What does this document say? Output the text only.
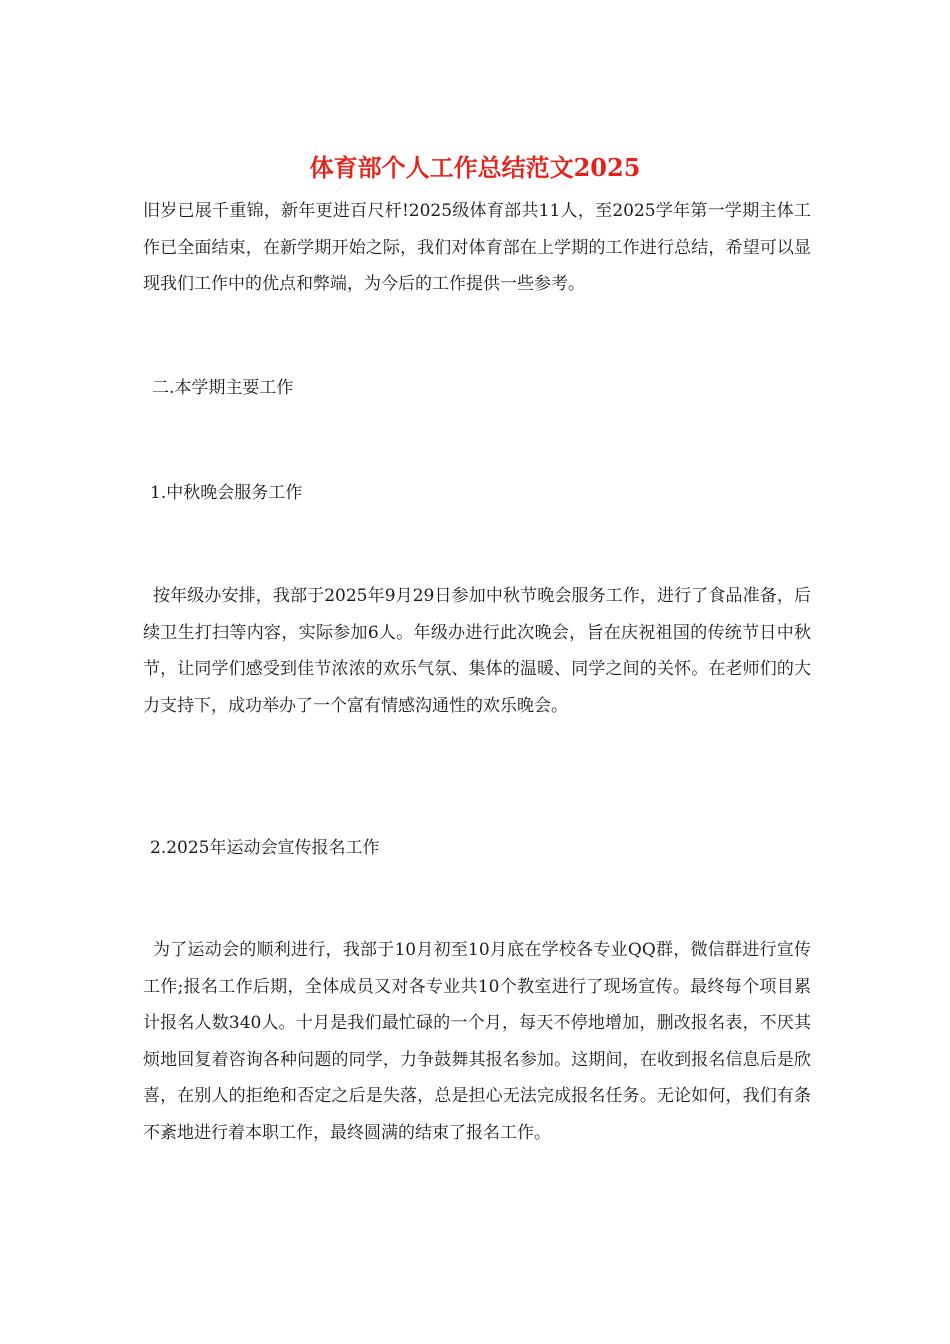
体育部个人工作总结范文2025

旧岁已展千重锦，新年更进百尺杆!2025级体育部共11人，至2025学年第一学期主体工作已全面结束，在新学期开始之际，我们对体育部在上学期的工作进行总结，希望可以显现我们工作中的优点和弊端，为今后的工作提供一些参考。

二.本学期主要工作

1.中秋晚会服务工作

按年级办安排，我部于2025年9月29日参加中秋节晚会服务工作，进行了食品准备，后续卫生打扫等内容，实际参加6人。年级办进行此次晚会，旨在庆祝祖国的传统节日中秋节，让同学们感受到佳节浓浓的欢乐气氛、集体的温暖、同学之间的关怀。在老师们的大力支持下，成功举办了一个富有情感沟通性的欢乐晚会。

2.2025年运动会宣传报名工作

为了运动会的顺利进行，我部于10月初至10月底在学校各专业QQ群，微信群进行宣传工作;报名工作后期，全体成员又对各专业共10个教室进行了现场宣传。最终每个项目累计报名人数340人。十月是我们最忙碌的一个月，每天不停地增加，删改报名表，不厌其烦地回复着咨询各种问题的同学，力争鼓舞其报名参加。这期间，在收到报名信息后是欣喜，在别人的拒绝和否定之后是失落，总是担心无法完成报名任务。无论如何，我们有条不紊地进行着本职工作，最终圆满的结束了报名工作。
